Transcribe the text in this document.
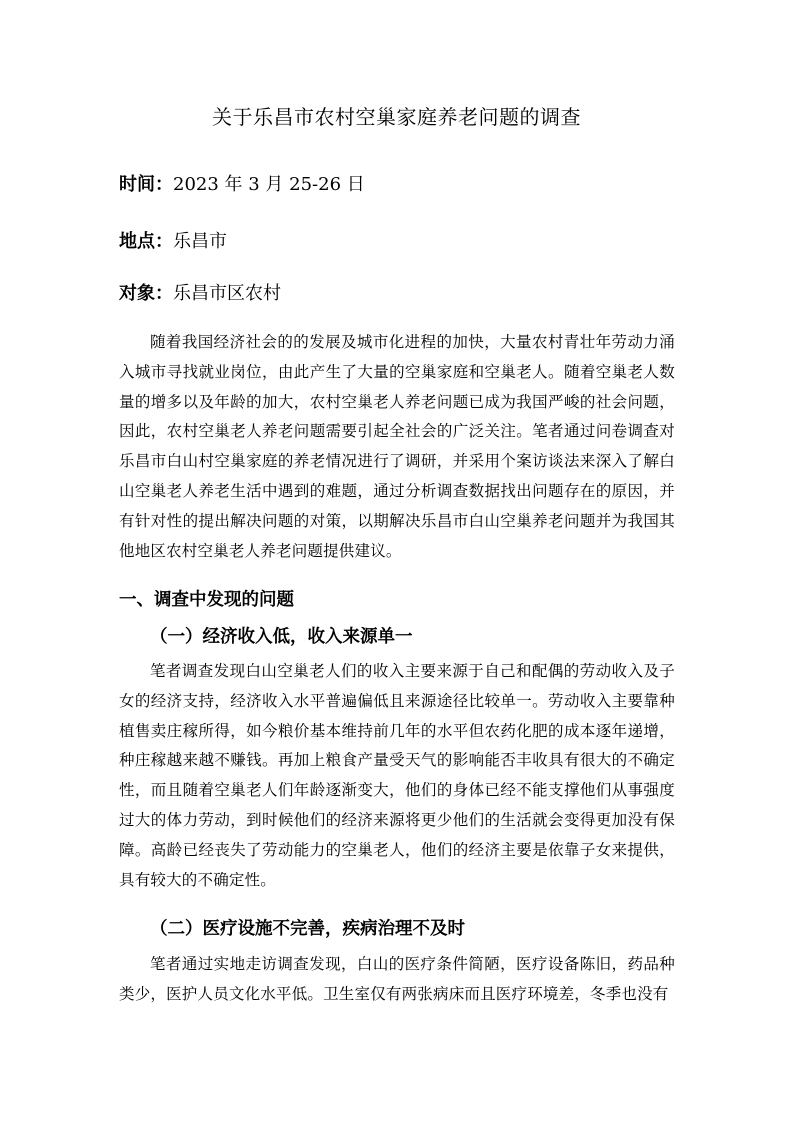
关于乐昌市农村空巢家庭养老问题的调查
时间：2023 年 3 月 25-26 日
地点：乐昌市
对象：乐昌市区农村

随着我国经济社会的的发展及城市化进程的加快，大量农村青壮年劳动力涌入城市寻找就业岗位，由此产生了大量的空巢家庭和空巢老人。随着空巢老人数量的增多以及年龄的加大，农村空巢老人养老问题已成为我国严峻的社会问题，因此，农村空巢老人养老问题需要引起全社会的广泛关注。笔者通过问卷调查对乐昌市白山村空巢家庭的养老情况进行了调研，并采用个案访谈法来深入了解白山空巢老人养老生活中遇到的难题，通过分析调查数据找出问题存在的原因，并有针对性的提出解决问题的对策，以期解决乐昌市白山空巢养老问题并为我国其他地区农村空巢老人养老问题提供建议。

一、调查中发现的问题
（一）经济收入低，收入来源单一

笔者调查发现白山空巢老人们的收入主要来源于自己和配偶的劳动收入及子女的经济支持，经济收入水平普遍偏低且来源途径比较单一。劳动收入主要靠种植售卖庄稼所得，如今粮价基本维持前几年的水平但农药化肥的成本逐年递增，种庄稼越来越不赚钱。再加上粮食产量受天气的影响能否丰收具有很大的不确定性，而且随着空巢老人们年龄逐渐变大，他们的身体已经不能支撑他们从事强度过大的体力劳动，到时候他们的经济来源将更少他们的生活就会变得更加没有保障。高龄已经丧失了劳动能力的空巢老人，他们的经济主要是依靠子女来提供，具有较大的不确定性。

（二）医疗设施不完善，疾病治理不及时

笔者通过实地走访调查发现，白山的医疗条件简陋，医疗设备陈旧，药品种类少，医护人员文化水平低。卫生室仅有两张病床而且医疗环境差，冬季也没有
